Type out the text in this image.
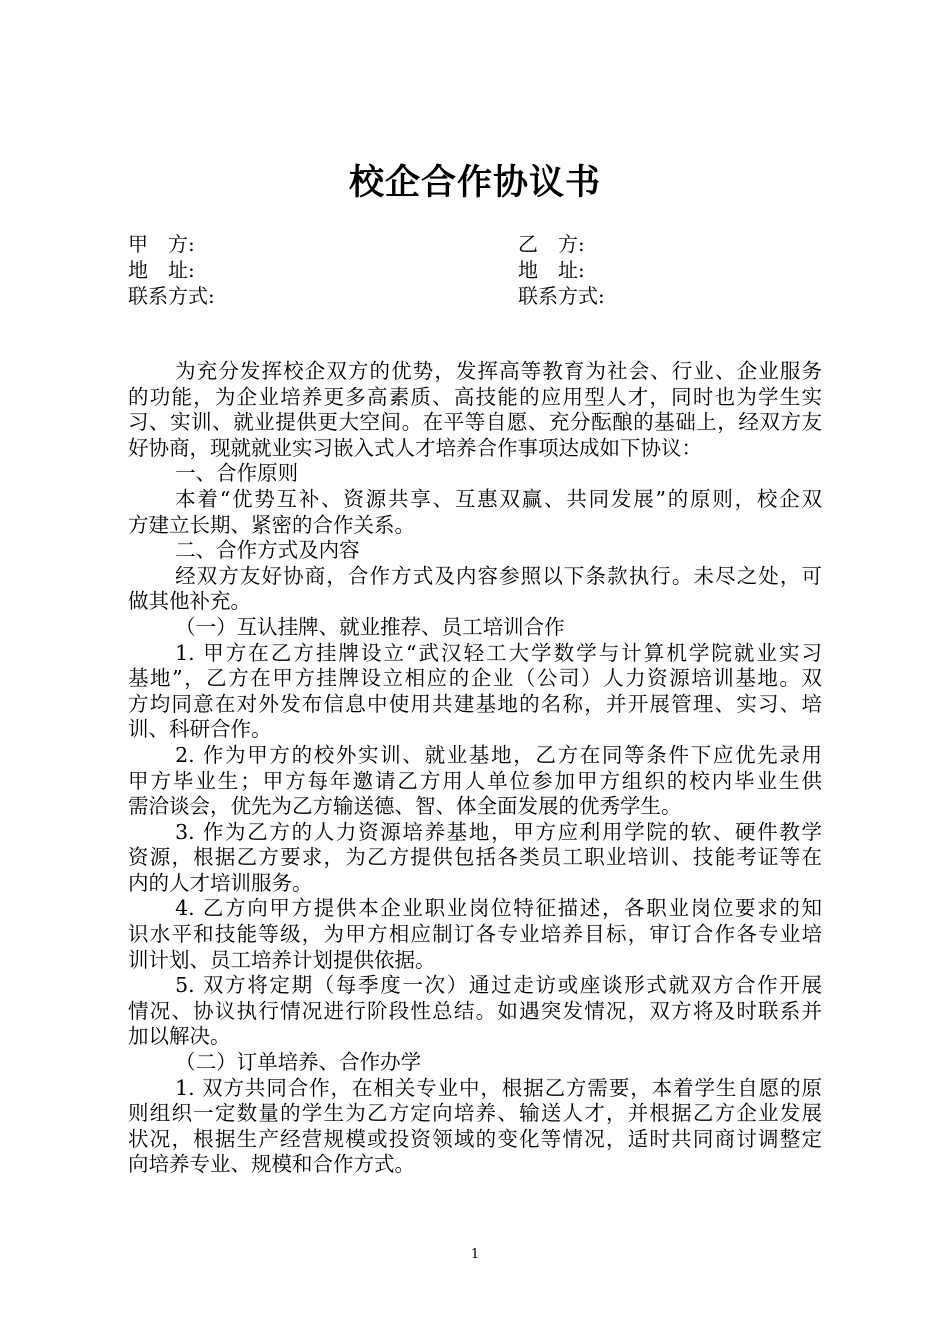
校企合作协议书
甲　方:	乙　方:
地　址:	地　址:
联系方式:	联系方式:
为充分发挥校企双方的优势，发挥高等教育为社会、行业、企业服务
的功能，为企业培养更多高素质、高技能的应用型人才，同时也为学生实
习、实训、就业提供更大空间。在平等自愿、充分酝酿的基础上，经双方友
好协商，现就就业实习嵌入式人才培养合作事项达成如下协议：
一、合作原则
本着“优势互补、资源共享、互惠双赢、共同发展”的原则，校企双
方建立长期、紧密的合作关系。
二、合作方式及内容
经双方友好协商，合作方式及内容参照以下条款执行。未尽之处，可
做其他补充。
（一）互认挂牌、就业推荐、员工培训合作
1. 甲方在乙方挂牌设立“武汉轻工大学数学与计算机学院就业实习
基地”，乙方在甲方挂牌设立相应的企业（公司）人力资源培训基地。双
方均同意在对外发布信息中使用共建基地的名称，并开展管理、实习、培
训、科研合作。
2. 作为甲方的校外实训、就业基地，乙方在同等条件下应优先录用
甲方毕业生；甲方每年邀请乙方用人单位参加甲方组织的校内毕业生供
需洽谈会，优先为乙方输送德、智、体全面发展的优秀学生。
3. 作为乙方的人力资源培养基地，甲方应利用学院的软、硬件教学
资源，根据乙方要求，为乙方提供包括各类员工职业培训、技能考证等在
内的人才培训服务。
4. 乙方向甲方提供本企业职业岗位特征描述，各职业岗位要求的知
识水平和技能等级，为甲方相应制订各专业培养目标，审订合作各专业培
训计划、员工培养计划提供依据。
5. 双方将定期（每季度一次）通过走访或座谈形式就双方合作开展
情况、协议执行情况进行阶段性总结。如遇突发情况，双方将及时联系并
加以解决。
（二）订单培养、合作办学
1. 双方共同合作，在相关专业中，根据乙方需要，本着学生自愿的原
则组织一定数量的学生为乙方定向培养、输送人才，并根据乙方企业发展
状况，根据生产经营规模或投资领域的变化等情况，适时共同商讨调整定
向培养专业、规模和合作方式。
1
